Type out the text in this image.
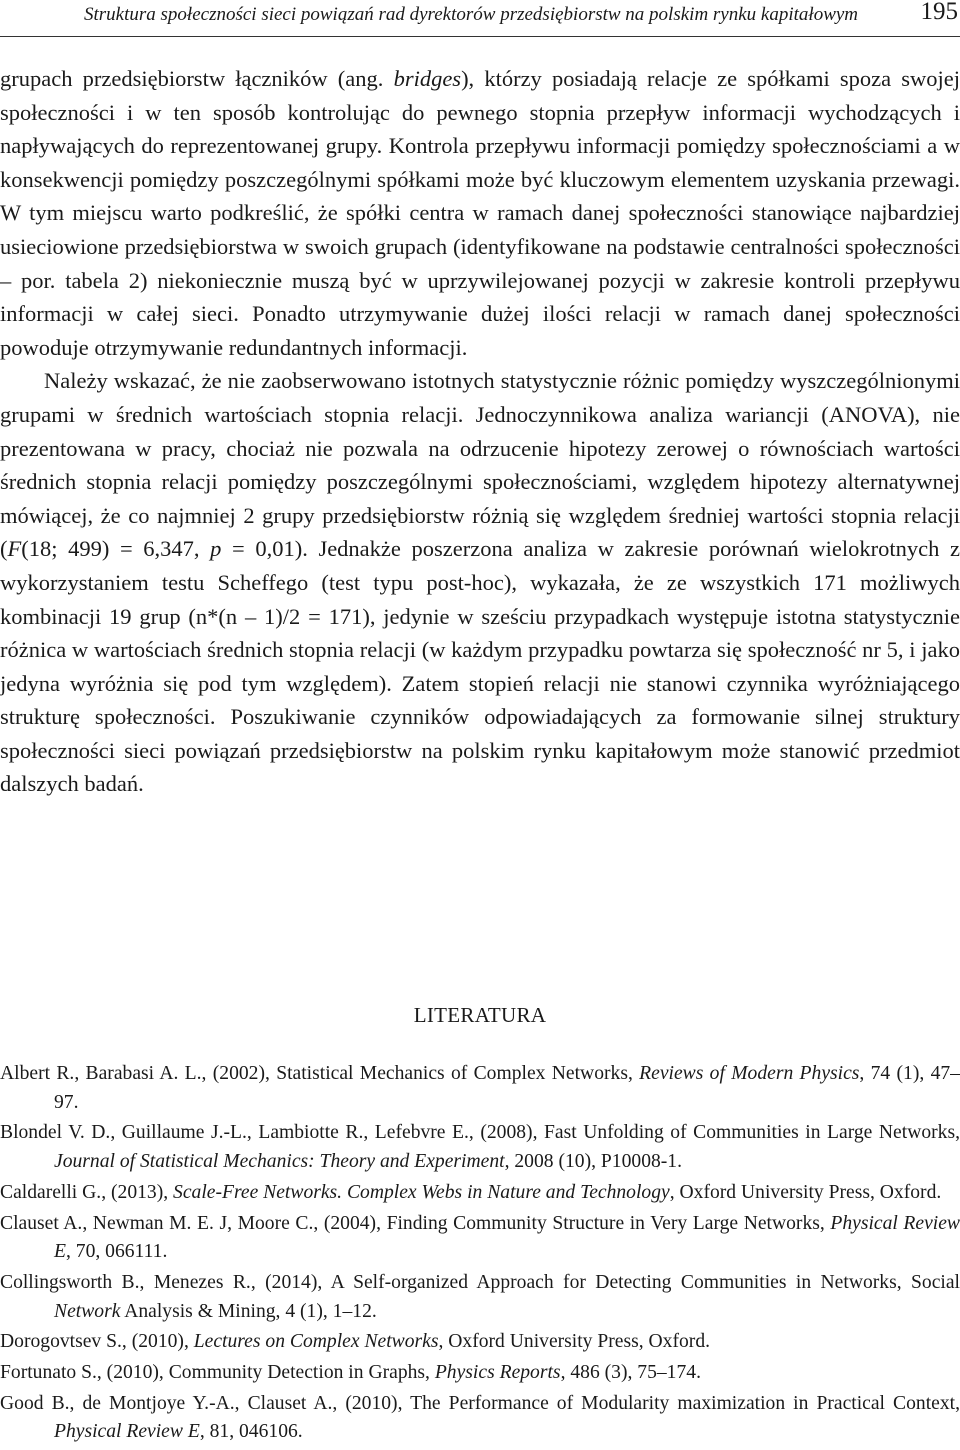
Struktura społeczności sieci powiązań rad dyrektorów przedsiębiorstw na polskim rynku kapitałowym 195

grupach przedsiębiorstw łączników (ang. bridges), którzy posiadają relacje ze spółkami spoza swojej społeczności i w ten sposób kontrolując do pewnego stopnia przepływ informacji wychodzących i napływających do reprezentowanej grupy. Kontrola przepływu informacji pomiędzy społecznościami a w konsekwencji pomiędzy poszczególnymi spółkami może być kluczowym elementem uzyskania przewagi. W tym miejscu warto podkreślić, że spółki centra w ramach danej społeczności stanowiące najbardziej usieciowione przedsiębiorstwa w swoich grupach (identyfikowane na podstawie centralności społeczności – por. tabela 2) niekoniecznie muszą być w uprzywilejowanej pozycji w zakresie kontroli przepływu informacji w całej sieci. Ponadto utrzymywanie dużej ilości relacji w ramach danej społeczności powoduje otrzymywanie redundantnych informacji.

Należy wskazać, że nie zaobserwowano istotnych statystycznie różnic pomiędzy wyszczególnionymi grupami w średnich wartościach stopnia relacji. Jednoczynnikowa analiza wariancji (ANOVA), nie prezentowana w pracy, chociaż nie pozwala na odrzucenie hipotezy zerowej o równościach wartości średnich stopnia relacji pomiędzy poszczególnymi społecznościami, względem hipotezy alternatywnej mówiącej, że co najmniej 2 grupy przedsiębiorstw różnią się względem średniej wartości stopnia relacji (F(18; 499) = 6,347, p = 0,01). Jednakże poszerzona analiza w zakresie porównań wielokrotnych z wykorzystaniem testu Scheffego (test typu post-hoc), wykazała, że ze wszystkich 171 możliwych kombinacji 19 grup (n*(n – 1)/2 = 171), jedynie w sześciu przypadkach występuje istotna statystycznie różnica w wartościach średnich stopnia relacji (w każdym przypadku powtarza się społeczność nr 5, i jako jedyna wyróżnia się pod tym względem). Zatem stopień relacji nie stanowi czynnika wyróżniającego strukturę społeczności. Poszukiwanie czynników odpowiadających za formowanie silnej struktury społeczności sieci powiązań przedsiębiorstw na polskim rynku kapitałowym może stanowić przedmiot dalszych badań.

LITERATURA
Albert R., Barabasi A. L., (2002), Statistical Mechanics of Complex Networks, Reviews of Modern Physics, 74 (1), 47–97.
Blondel V. D., Guillaume J.-L., Lambiotte R., Lefebvre E., (2008), Fast Unfolding of Communities in Large Networks, Journal of Statistical Mechanics: Theory and Experiment, 2008 (10), P10008-1.
Caldarelli G., (2013), Scale-Free Networks. Complex Webs in Nature and Technology, Oxford University Press, Oxford.
Clauset A., Newman M. E. J, Moore C., (2004), Finding Community Structure in Very Large Networks, Physical Review E, 70, 066111.
Collingsworth B., Menezes R., (2014), A Self-organized Approach for Detecting Communities in Networks, Social Network Analysis & Mining, 4 (1), 1–12.
Dorogovtsev S., (2010), Lectures on Complex Networks, Oxford University Press, Oxford.
Fortunato S., (2010), Community Detection in Graphs, Physics Reports, 486 (3), 75–174.
Good B., de Montjoye Y.-A., Clauset A., (2010), The Performance of Modularity maximization in Practical Context, Physical Review E, 81, 046106.
